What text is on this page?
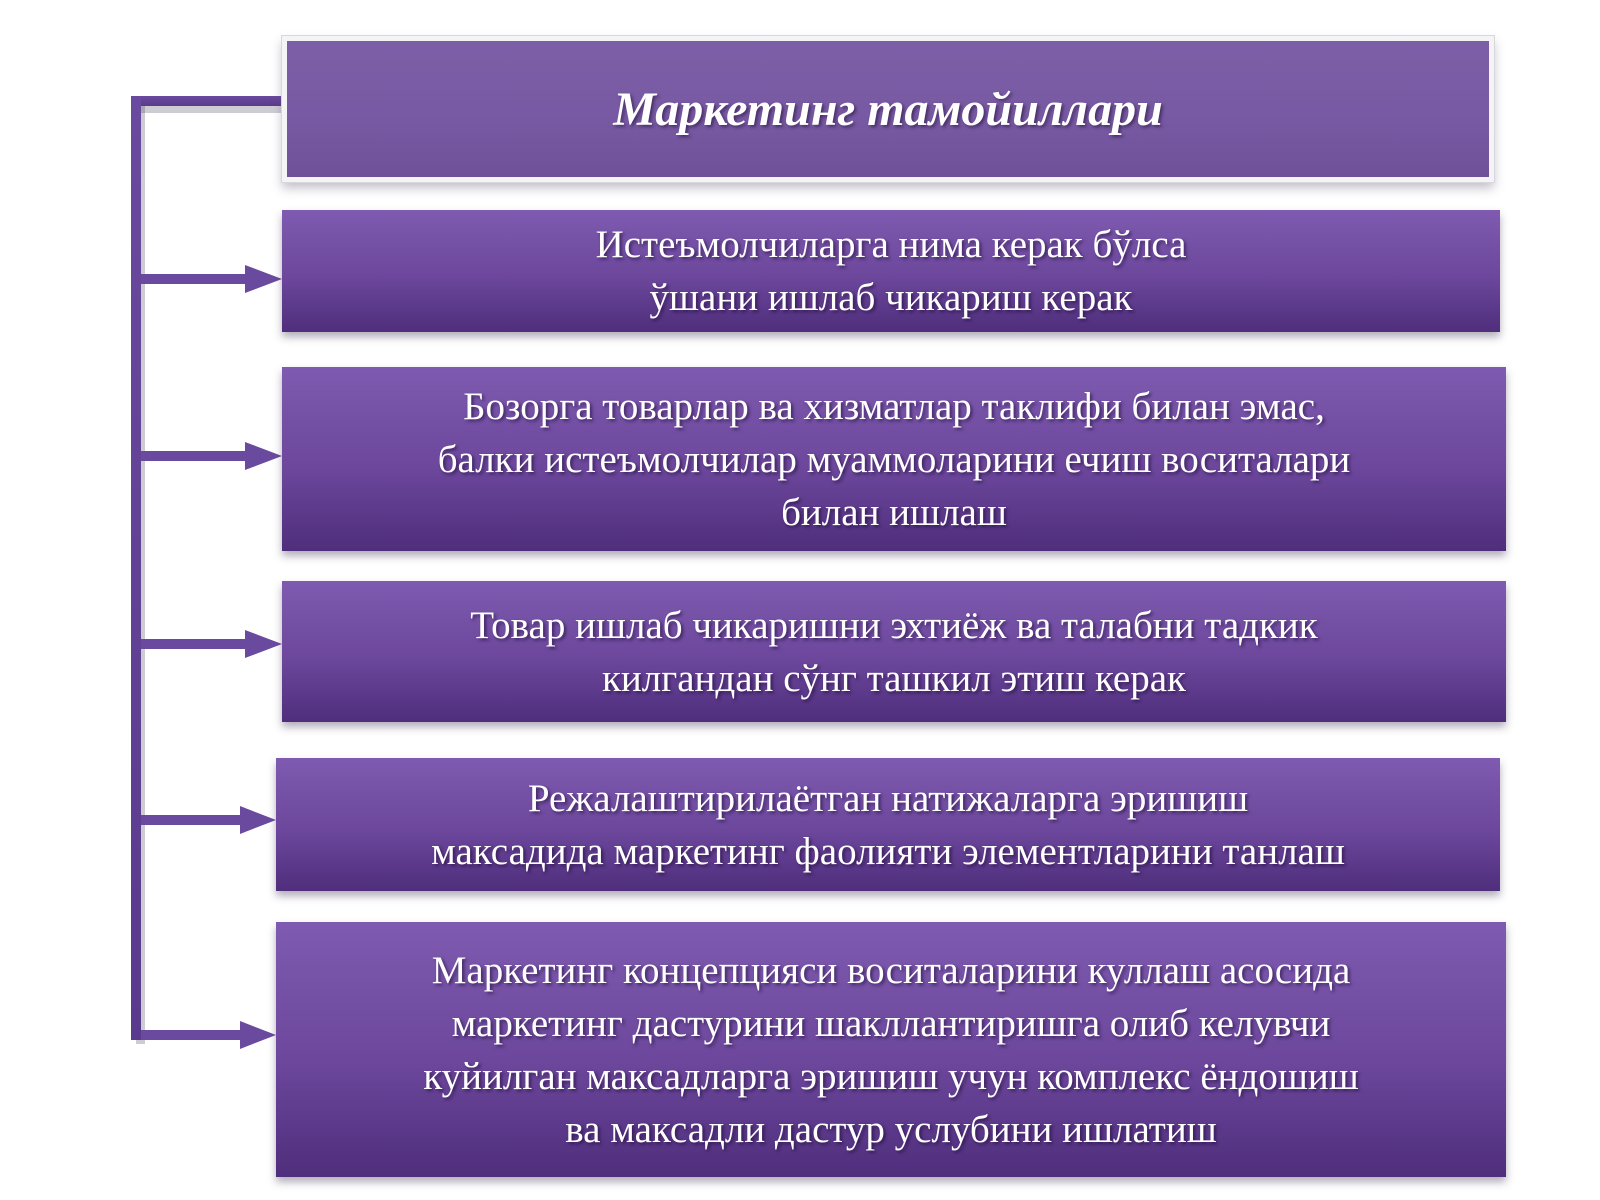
Маркетинг тамойиллари
Истеъмолчиларга нима керак бўлса
ўшани ишлаб чикариш керак
Бозорга товарлар ва хизматлар таклифи билан эмас,
балки истеъмолчилар муаммоларини ечиш воситалари
билан ишлаш
Товар ишлаб чикаришни эхтиёж ва талабни тадкик
килгандан сўнг ташкил этиш керак
Режалаштирилаётган натижаларга эришиш
максадида маркетинг фаолияти элементларини танлаш
Маркетинг концепцияси воситаларини куллаш асосида
маркетинг дастурини шакллантиришга олиб келувчи
куйилган максадларга эришиш учун комплекс ёндошиш
ва максадли дастур услубини ишлатиш
